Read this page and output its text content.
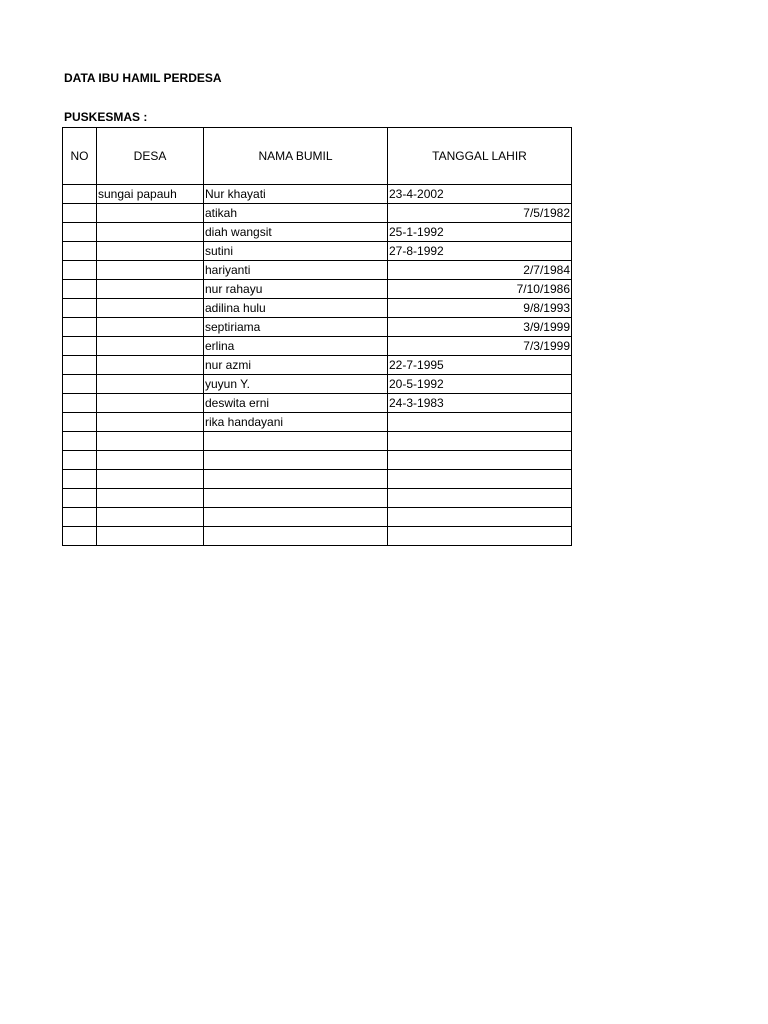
DATA IBU HAMIL PERDESA
PUSKESMAS :
NO	DESA	NAMA BUMIL	TANGGAL LAHIR
	sungai papauh	Nur khayati	23-4-2002
		atikah	7/5/1982
		diah wangsit	25-1-1992
		sutini	27-8-1992
		hariyanti	2/7/1984
		nur rahayu	7/10/1986
		adilina hulu	9/8/1993
		septiriama	3/9/1999
		erlina	7/3/1999
		nur azmi	22-7-1995
		yuyun Y.	20-5-1992
		deswita erni	24-3-1983
		rika handayani	
